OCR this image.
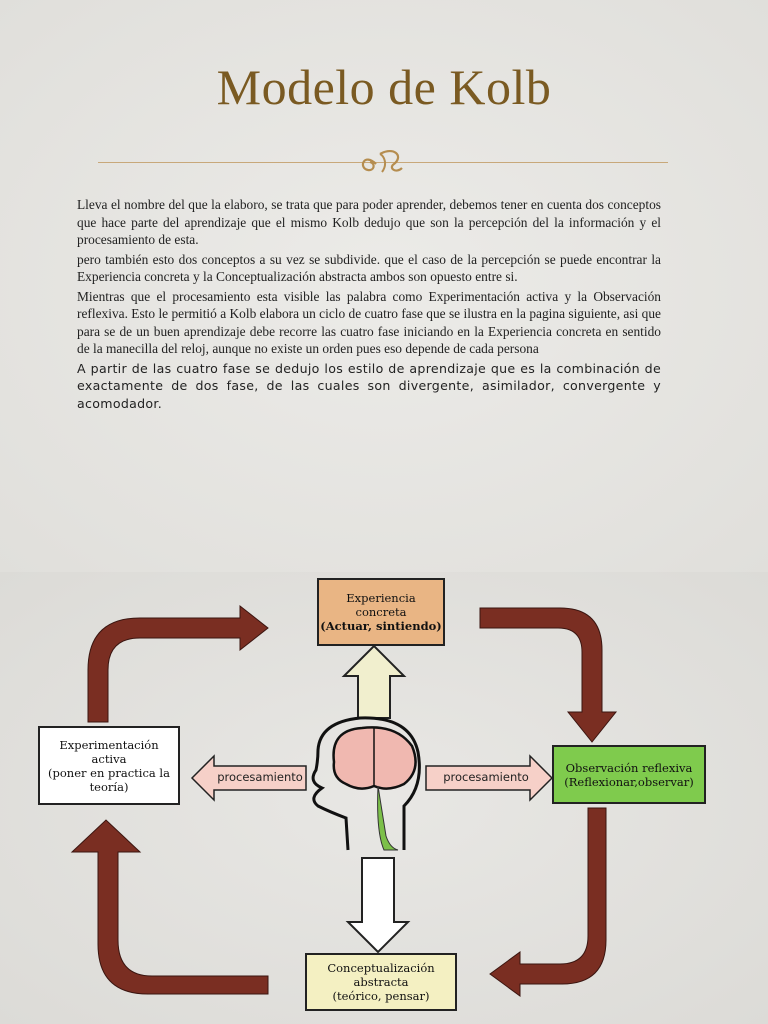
Modelo de Kolb

Lleva el nombre del que la elaboro, se trata que para poder aprender, debemos tener en cuenta dos conceptos que hace parte del aprendizaje que el mismo Kolb dedujo que son la percepción del la información y el procesamiento de esta.

pero también esto dos conceptos a su vez se subdivide. que el caso de la percepción se puede encontrar la Experiencia concreta y la Conceptualización abstracta ambos son opuesto entre si.

Mientras que el procesamiento esta visible las palabra como Experimentación activa y la Observación reflexiva. Esto le permitió a Kolb elabora un ciclo de cuatro fase que se ilustra en la pagina siguiente, asi que para se de un buen aprendizaje debe recorre las cuatro fase iniciando en la Experiencia concreta en sentido de la manecilla del reloj, aunque no existe un orden pues eso depende de cada persona

A partir de las cuatro fase se dedujo los estilo de aprendizaje que es la combinación de exactamente de dos fase, de las cuales son divergente, asimilador, convergente y acomodador.

Experiencia
concreta
(Actuar, sintiendo)
Observación reflexiva
(Reflexionar,observar)
Experimentación
activa
(poner en practica la
teoría)
Conceptualización
abstracta
(teórico, pensar)
procesamiento	procesamiento
